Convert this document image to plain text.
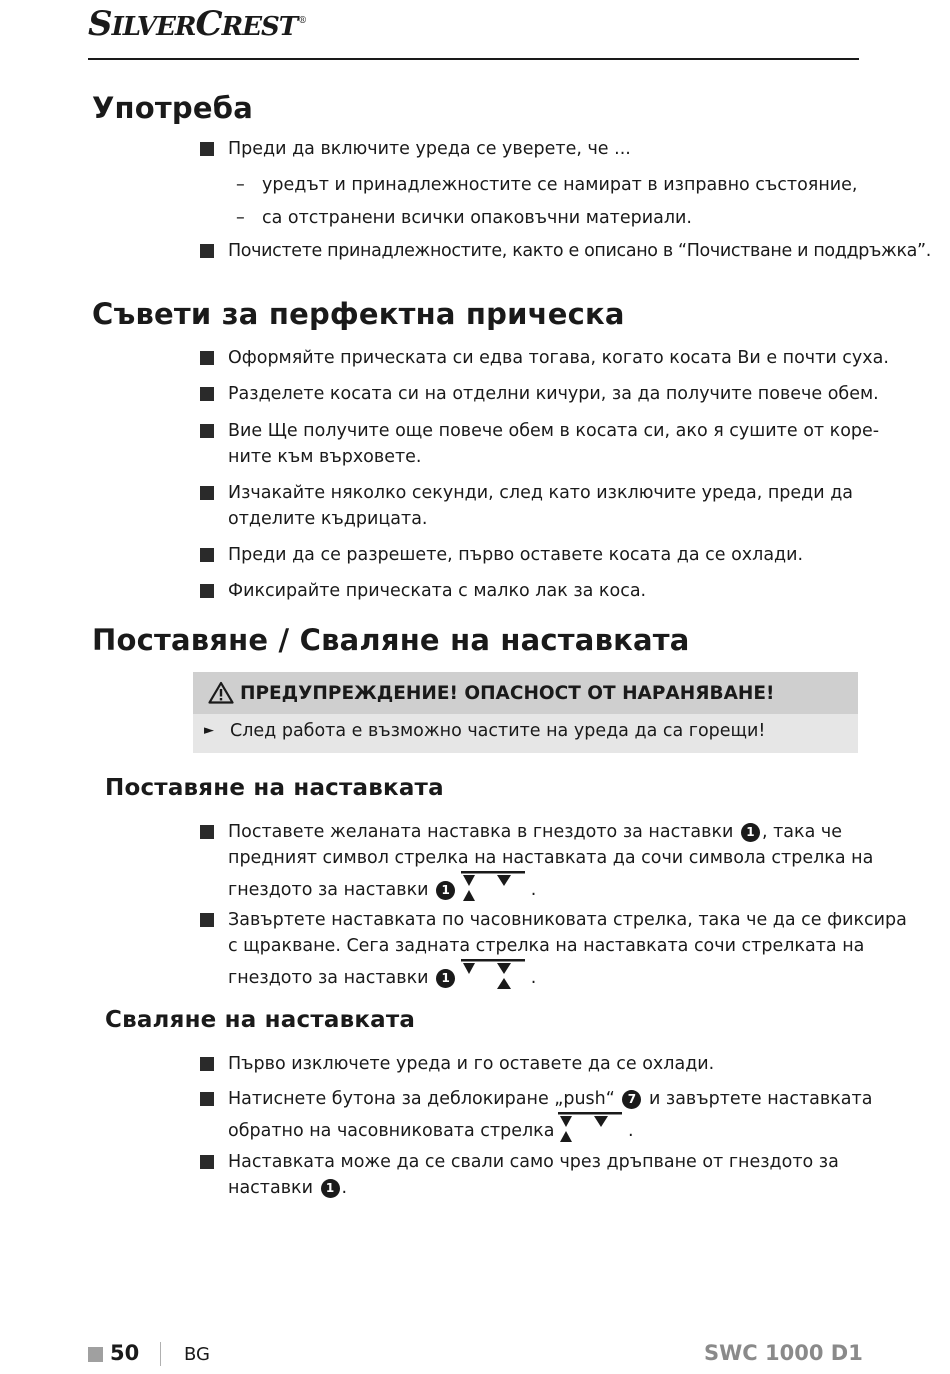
SILVERCREST®
Употреба
Преди да включите уреда се уверете, че ...
– уредът и принадлежностите се намират в изправно състояние,
– са отстранени всички опаковъчни материали.
Почистете принадлежностите, както е описано в “Почистване и поддръжка”.
Съвети за перфектна прическа
Оформяйте прическата си едва тогава, когато косата Ви е почти суха.
Разделете косата си на отделни кичури, за да получите повече обем.
Вие Ще получите още повече обем в косата си, ако я сушите от коре-
ните към върховете.
Изчакайте няколко секунди, след като изключите уреда, преди да
отделите къдрицата.
Преди да се разрешете, първо оставете косата да се охлади.
Фиксирайте прическата с малко лак за коса.
Поставяне / Сваляне на наставката
ПРЕДУПРЕЖДЕНИЕ! ОПАСНОСТ ОТ НАРАНЯВАНЕ!
► След работа е възможно частите на уреда да са горещи!
Поставяне на наставката
Поставете желаната наставка в гнездото за наставки 1 , така че
предният символ стрелка на наставката да сочи символа стрелка на
гнездото за наставки 1	.
Завъртете наставката по часовниковата стрелка, така че да се фиксира
с щракване. Сега задната стрелка на наставката сочи стрелката на
гнездото за наставки 1	.
Сваляне на наставката
Първо изключете уреда и го оставете да се охлади.
Натиснете бутона за деблокиране „push“ 7 и завъртете наставката
обратно на часовниковата стрелка	.
Наставката може да се свали само чрез дръпване от гнездото за
наставки 1 .
50 BG	SWC 1000 D1
